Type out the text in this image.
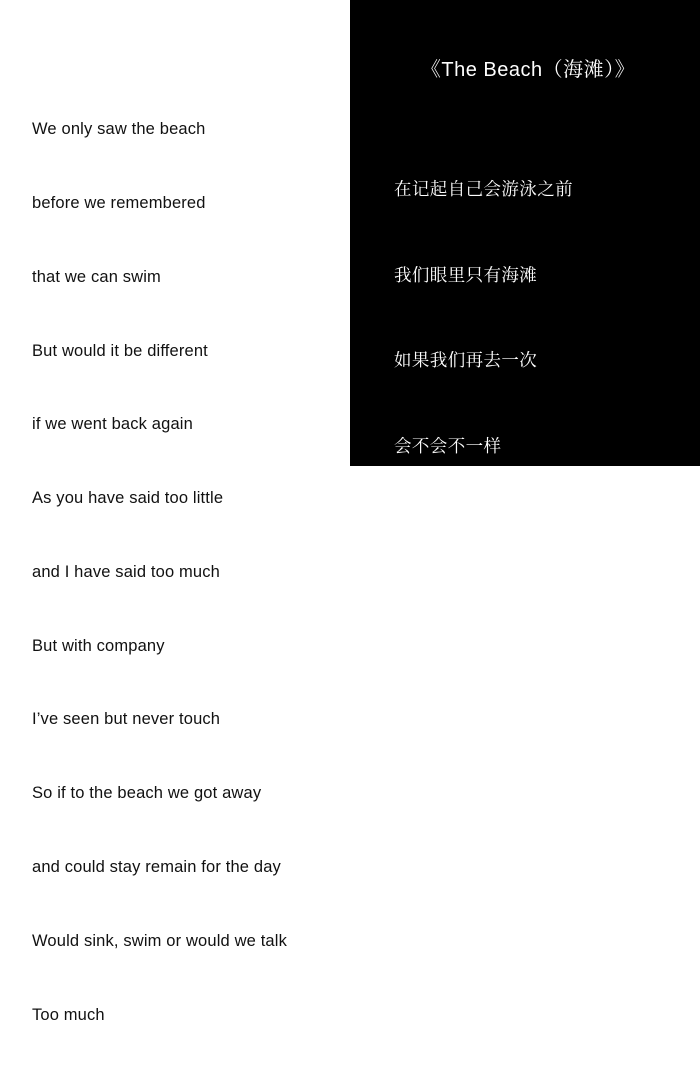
We only saw the beach

before we remembered

that we can swim

But would it be different

if we went back again

As you have said too little

and I have said too much

But with company

I’ve seen but never touch

So if to the beach we got away

and could stay remain for the day

Would sink, swim or would we talk

Too much

《The Beach（海滩）》

在记起自己会游泳之前

我们眼里只有海滩

如果我们再去一次

会不会不一样

那时你话太少，而我太聒噪

我看见陪伴，但从未触到

所以如果我们再去一次海滩

呆上一整天，跳入水中游泳

我们会不会说很多话
